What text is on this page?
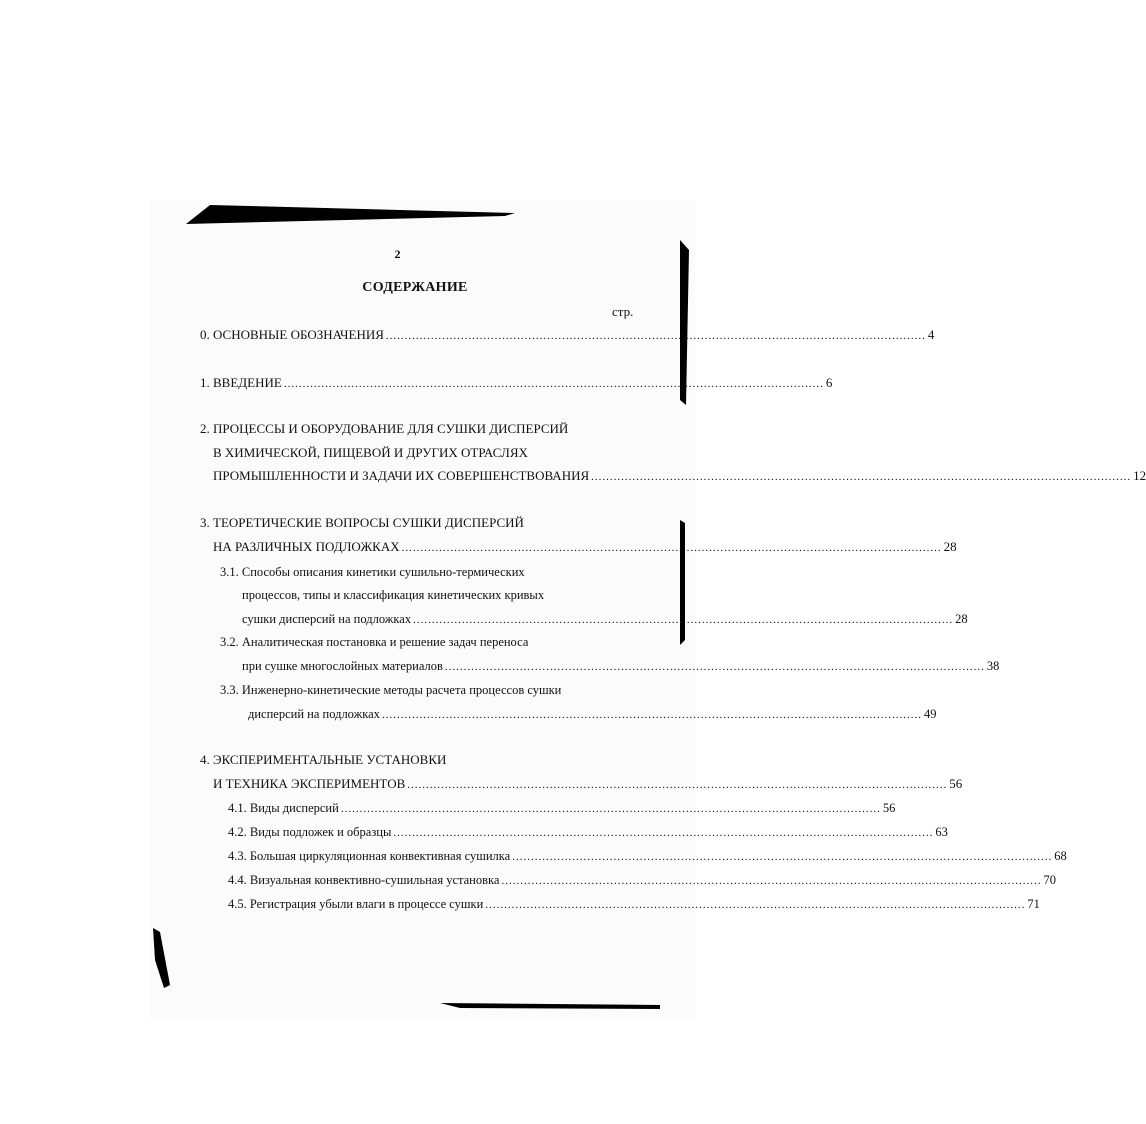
2
СОДЕРЖАНИЕ
стр.
0. ОСНОВНЫЕ ОБОЗНАЧЕНИЯ ................................................................................................................................................ 4
1. ВВЕДЕНИЕ ................................................................................................................................................ 6
2. ПРОЦЕССЫ И ОБОРУДОВАНИЕ ДЛЯ СУШКИ ДИСПЕРСИЙ
В ХИМИЧЕСКОЙ, ПИЩЕВОЙ И ДРУГИХ ОТРАСЛЯХ
ПРОМЫШЛЕННОСТИ И ЗАДАЧИ ИХ СОВЕРШЕНСТВОВАНИЯ ................................................................................................................................................ 12
3. ТЕОРЕТИЧЕСКИЕ ВОПРОСЫ СУШКИ ДИСПЕРСИЙ
НА РАЗЛИЧНЫХ ПОДЛОЖКАХ ................................................................................................................................................ 28
3.1. Способы описания кинетики сушильно-термических
процессов, типы и классификация кинетических кривых
сушки дисперсий на подложках ................................................................................................................................................ 28
3.2. Аналитическая постановка и решение задач переноса
при сушке многослойных материалов ................................................................................................................................................ 38
3.3. Инженерно-кинетические методы расчета процессов сушки
дисперсий на подложках ................................................................................................................................................ 49
4. ЭКСПЕРИМЕНТАЛЬНЫЕ УСТАНОВКИ
И ТЕХНИКА ЭКСПЕРИМЕНТОВ ................................................................................................................................................ 56
4.1. Виды дисперсий ................................................................................................................................................ 56
4.2. Виды подложек и образцы ................................................................................................................................................ 63
4.3. Большая циркуляционная конвективная сушилка ................................................................................................................................................ 68
4.4. Визуальная конвективно-сушильная установка ................................................................................................................................................ 70
4.5. Регистрация убыли влаги в процессе сушки ................................................................................................................................................ 71
